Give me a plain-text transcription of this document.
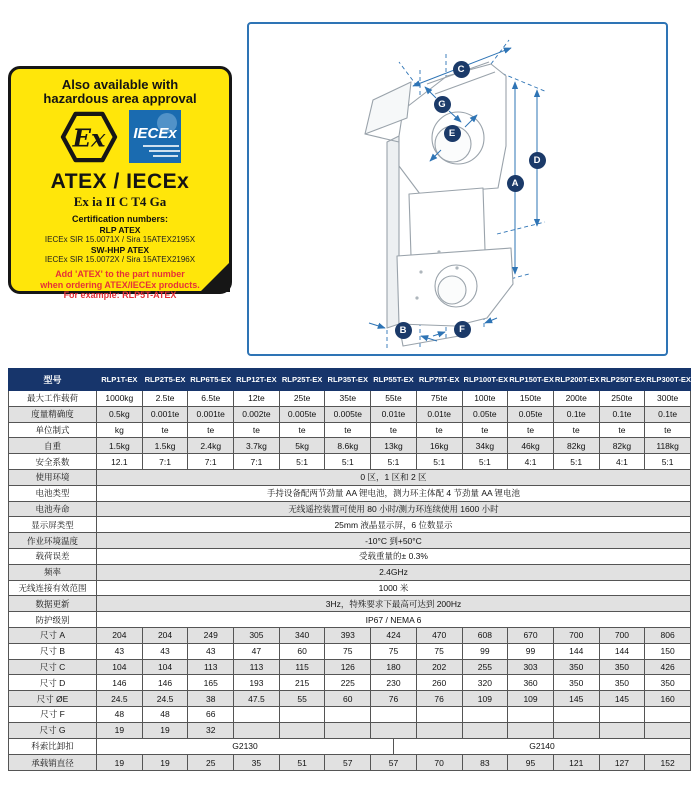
Also available with
hazardous area approval
Ex IECEx
ATEX / IECEx
Ex ia II C T4 Ga
Certification numbers:
RLP ATEX
IECEx SIR 15.0071X / Sira 15ATEX2195X
SW-HHP ATEX
IECEx SIR 15.0072X / Sira 15ATEX2196X
Add 'ATEX' to the part number
when ordering ATEX/IECEx products.
For example: RLP5T-ATEX
A
B
C
D
E
F
G
型号	RLP1T-EX	RLP2T5-EX	RLP6T5-EX	RLP12T-EX	RLP25T-EX	RLP35T-EX	RLP55T-EX	RLP75T-EX	RLP100T-EX	RLP150T-EX	RLP200T-EX	RLP250T-EX	RLP300T-EX
最大工作载荷	1000kg	2.5te	6.5te	12te	25te	35te	55te	75te	100te	150te	200te	250te	300te
度量精确度	0.5kg	0.001te	0.001te	0.002te	0.005te	0.005te	0.01te	0.01te	0.05te	0.05te	0.1te	0.1te	0.1te
单位制式	kg	te	te	te	te	te	te	te	te	te	te	te	te
自重	1.5kg	1.5kg	2.4kg	3.7kg	5kg	8.6kg	13kg	16kg	34kg	46kg	82kg	82kg	118kg
安全系数	12.1	7:1	7:1	7:1	5:1	5:1	5:1	5:1	5:1	4:1	5:1	4:1	5:1
使用环境	0 区，1 区和 2 区												
电池类型	手持设备配两节劲量 AA 锂电池，测力环主体配 4 节劲量 AA 锂电池												
电池寿命	无线遥控装置可使用 80 小时/测力环连续使用 1600 小时												
显示屏类型	25mm 液晶显示屏，6 位数显示												
作业环境温度	-10°C 到+50°C												
载荷误差	受载重量的± 0.3%												
频率	2.4GHz												
无线连接有效范围	1000 米												
数据更新	3Hz，特殊要求下最高可达到 200Hz												
防护级别	IP67 / NEMA 6												
尺寸 A	204	204	249	305	340	393	424	470	608	670	700	700	806
尺寸 B	43	43	43	47	60	75	75	75	99	99	144	144	150
尺寸 C	104	104	113	113	115	126	180	202	255	303	350	350	426
尺寸 D	146	146	165	193	215	225	230	260	320	360	350	350	350
尺寸 ØE	24.5	24.5	38	47.5	55	60	76	76	109	109	145	145	160
尺寸 F	48	48	66										
尺寸 G	19	19	32										
科索比卸扣	G2130 G2140												

承载销直径	19	19	25	35	51	57	57	70	83	95	121	127	152
